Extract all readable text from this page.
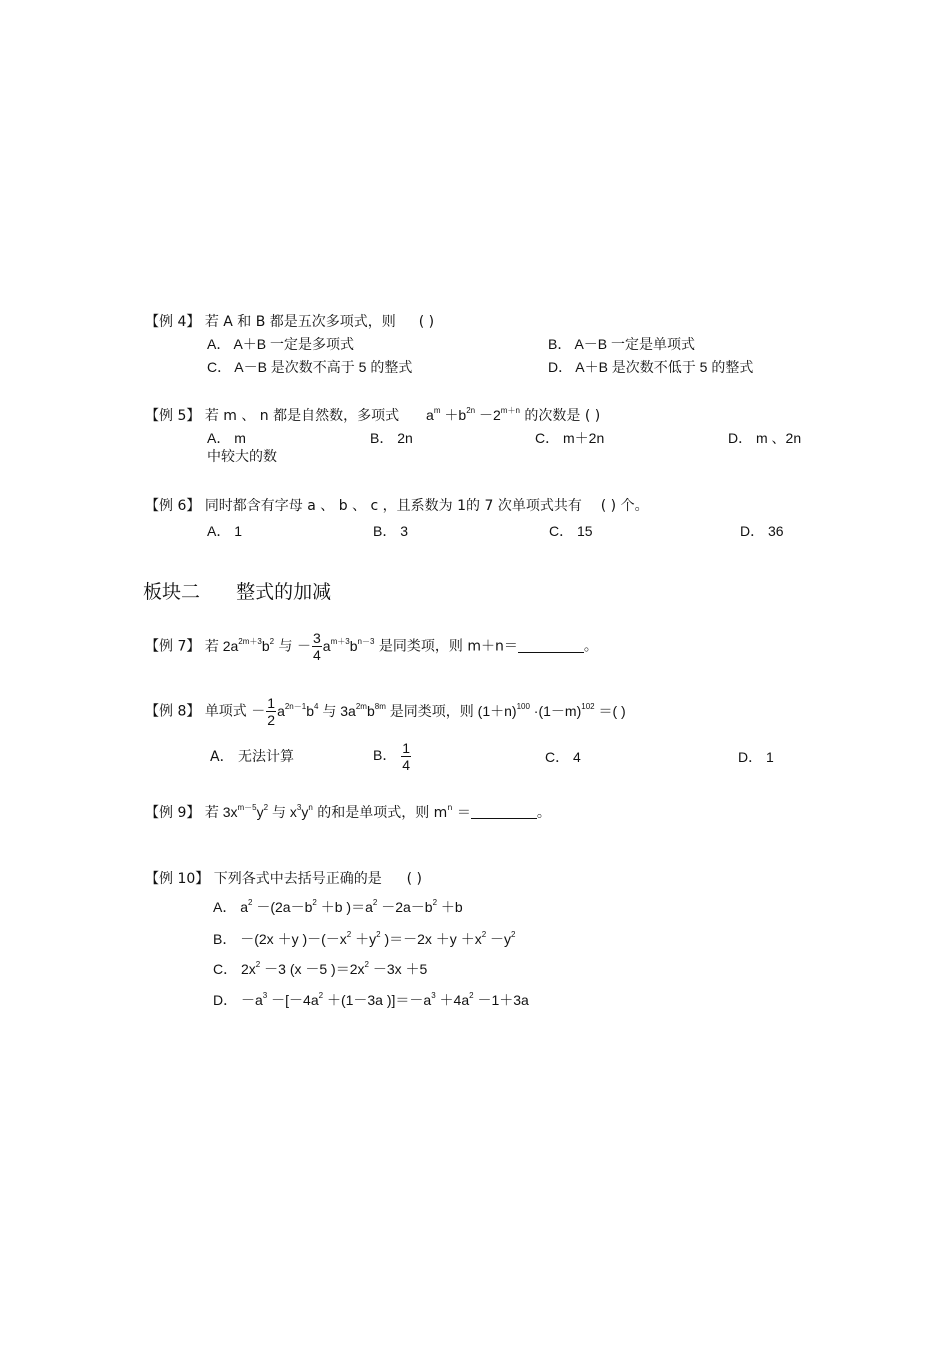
【例 4】 若 A 和 B 都是五次多项式，则 ( )
A． A＋B 一定是多项式	B． A－B 一定是单项式
C． A－B 是次数不高于 5 的整式	D． A＋B 是次数不低于 5 的整式
【例 5】 若 m 、 n 都是自然数，多项式 $a^m +b^{2n} -2^{m+n}$ 的次数是 ( )
A． m	B． 2n	C． m＋2n	D． m 、2n
中较大的数
【例 6】 同时都含有字母 a 、 b 、 c ，且系数为 1的 7 次单项式共有 ( ) 个。
A． 1	B． 3	C． 15	D． 36
板块二 整式的加减
【例 7】 若 $2a^{2m+3}b^2$ 与 － $\frac{3}{4} a^{m+3}b^{n-3}$ 是同类项，则 m＋n＝	。
【例 8】 单项式 － $\frac{1}{2} a^{2n-1}b^4$ 与 $3a^{2m}b^{8m}$ 是同类项，则 $(1+n)^{100} \cdot(1-m)^{102}$ ＝( )
A． 无法计算	B． $\frac{1}{4}$	C． 4	D． 1
【例 9】 若 $3x^{m-5}y^2$ 与 $x^3y^n$ 的和是单项式，则 $m^n$ ＝	。
【例 10】 下列各式中去括号正确的是 ( )
A． $a^2 -(2a-b^2 +b$ )$=a^2 -2a-b^2 +b$
B． －(2x ＋y )$-(-x^2 +y^2$ )$=-2x +y +x^2 -y^2$
C． $2x^2 -3$ (x －5 )$=2x^2 -3x +5$
D． $-a^3 -[-4a^2 +(1-3a$ )]$=-a^3 +4a^2 -1+3a$
